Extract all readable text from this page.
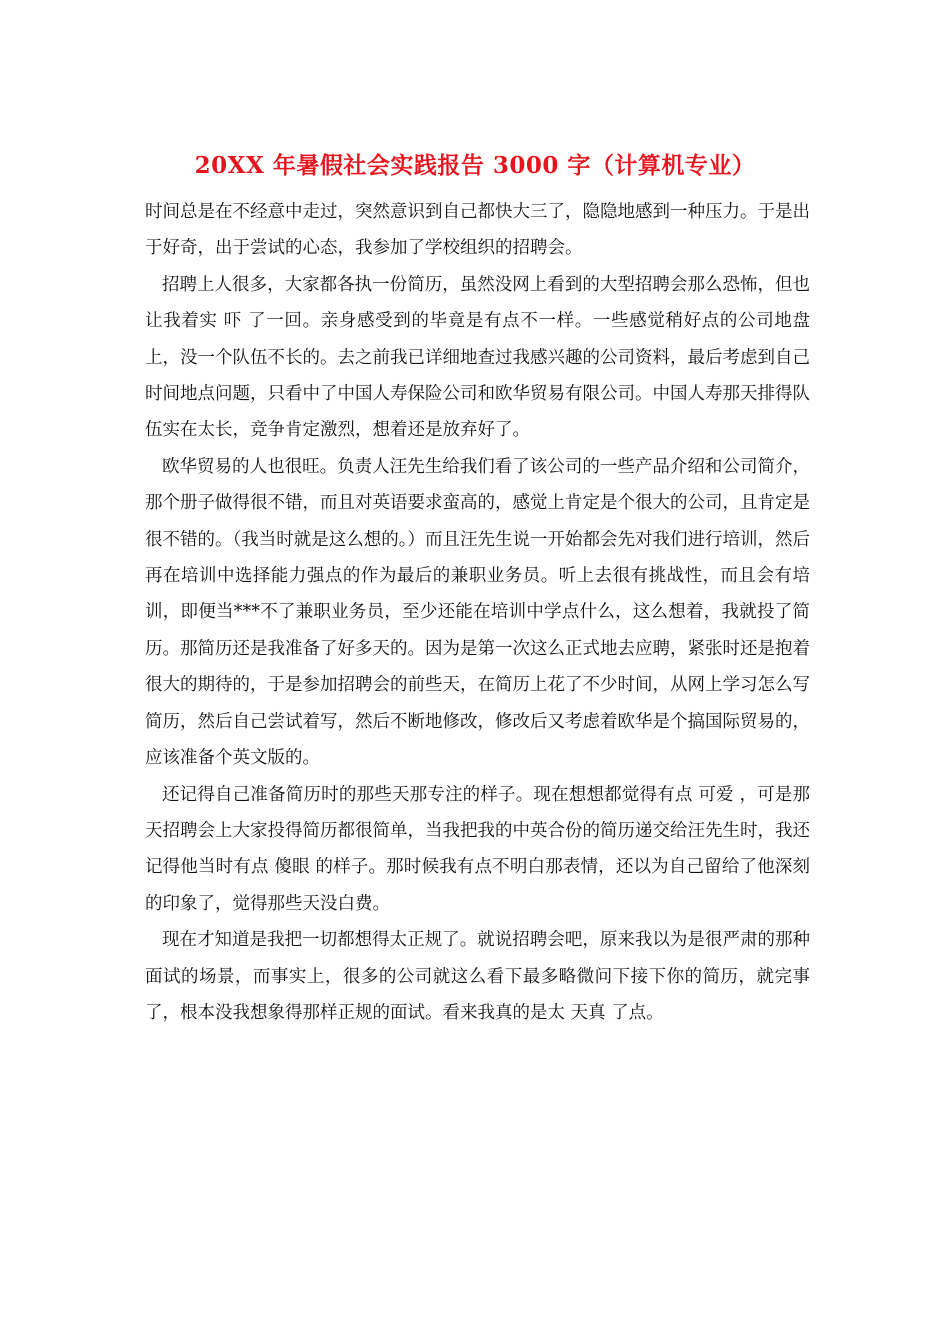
20XX 年暑假社会实践报告 3000 字（计算机专业）

时间总是在不经意中走过，突然意识到自己都快大三了，隐隐地感到一种压力。于是出于好奇，出于尝试的心态，我参加了学校组织的招聘会。

招聘上人很多，大家都各执一份简历，虽然没网上看到的大型招聘会那么恐怖，但也让我着实 吓 了一回。亲身感受到的毕竟是有点不一样。一些感觉稍好点的公司地盘上，没一个队伍不长的。去之前我已详细地查过我感兴趣的公司资料，最后考虑到自己时间地点问题，只看中了中国人寿保险公司和欧华贸易有限公司。中国人寿那天排得队伍实在太长，竞争肯定激烈，想着还是放弃好了。

欧华贸易的人也很旺。负责人汪先生给我们看了该公司的一些产品介绍和公司简介，那个册子做得很不错，而且对英语要求蛮高的，感觉上肯定是个很大的公司，且肯定是很不错的。（我当时就是这么想的。）而且汪先生说一开始都会先对我们进行培训，然后再在培训中选择能力强点的作为最后的兼职业务员。听上去很有挑战性，而且会有培训，即便当***不了兼职业务员，至少还能在培训中学点什么，这么想着，我就投了简历。那简历还是我准备了好多天的。因为是第一次这么正式地去应聘，紧张时还是抱着很大的期待的，于是参加招聘会的前些天，在简历上花了不少时间，从网上学习怎么写简历，然后自己尝试着写，然后不断地修改，修改后又考虑着欧华是个搞国际贸易的，应该准备个英文版的。

还记得自己准备简历时的那些天那专注的样子。现在想想都觉得有点 可爱 ，可是那天招聘会上大家投得简历都很简单，当我把我的中英合份的简历递交给汪先生时，我还记得他当时有点 傻眼 的样子。那时候我有点不明白那表情，还以为自己留给了他深刻的印象了，觉得那些天没白费。

现在才知道是我把一切都想得太正规了。就说招聘会吧，原来我以为是很严肃的那种面试的场景，而事实上，很多的公司就这么看下最多略微问下接下你的简历，就完事了，根本没我想象得那样正规的面试。看来我真的是太 天真 了点。
